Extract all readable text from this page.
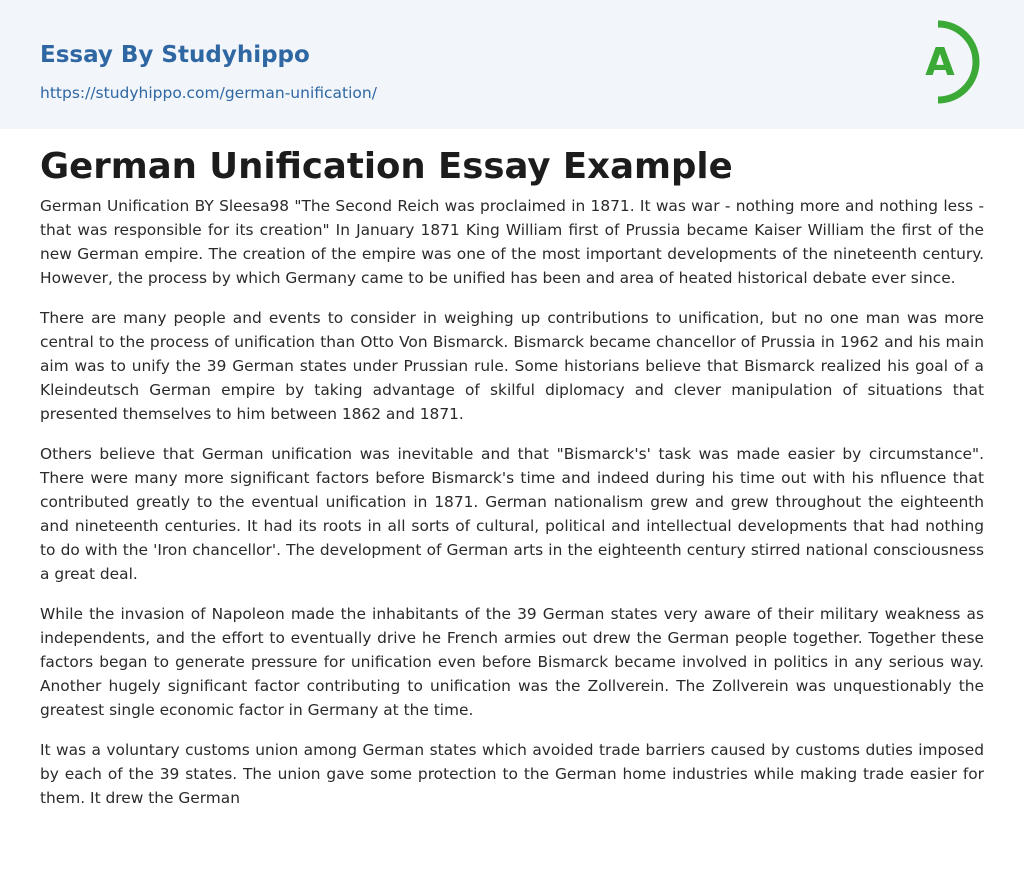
Essay By Studyhippo
https://studyhippo.com/german-unification/
A
German Unification Essay Example

German Unification BY Sleesa98 "The Second Reich was proclaimed in 1871. It was war - nothing more and nothing less - that was responsible for its creation" In January 1871 King William first of Prussia became Kaiser William the first of the new German empire. The creation of the empire was one of the most important developments of the nineteenth century. However, the process by which Germany came to be unified has been and area of heated historical debate ever since.

There are many people and events to consider in weighing up contributions to unification, but no one man was more central to the process of unification than Otto Von Bismarck. Bismarck became chancellor of Prussia in 1962 and his main aim was to unify the 39 German states under Prussian rule. Some historians believe that Bismarck realized his goal of a Kleindeutsch German empire by taking advantage of skilful diplomacy and clever manipulation of situations that presented themselves to him between 1862 and 1871.

Others believe that German unification was inevitable and that "Bismarck's' task was made easier by circumstance". There were many more significant factors before Bismarck's time and indeed during his time out with his nfluence that contributed greatly to the eventual unification in 1871. German nationalism grew and grew throughout the eighteenth and nineteenth centuries. It had its roots in all sorts of cultural, political and intellectual developments that had nothing to do with the 'Iron chancellor'. The development of German arts in the eighteenth century stirred national consciousness a great deal.

While the invasion of Napoleon made the inhabitants of the 39 German states very aware of their military weakness as independents, and the effort to eventually drive he French armies out drew the German people together. Together these factors began to generate pressure for unification even before Bismarck became involved in politics in any serious way. Another hugely significant factor contributing to unification was the Zollverein. The Zollverein was unquestionably the greatest single economic factor in Germany at the time.

It was a voluntary customs union among German states which avoided trade barriers caused by customs duties imposed by each of the 39 states. The union gave some protection to the German home industries while making trade easier for them. It drew the German
